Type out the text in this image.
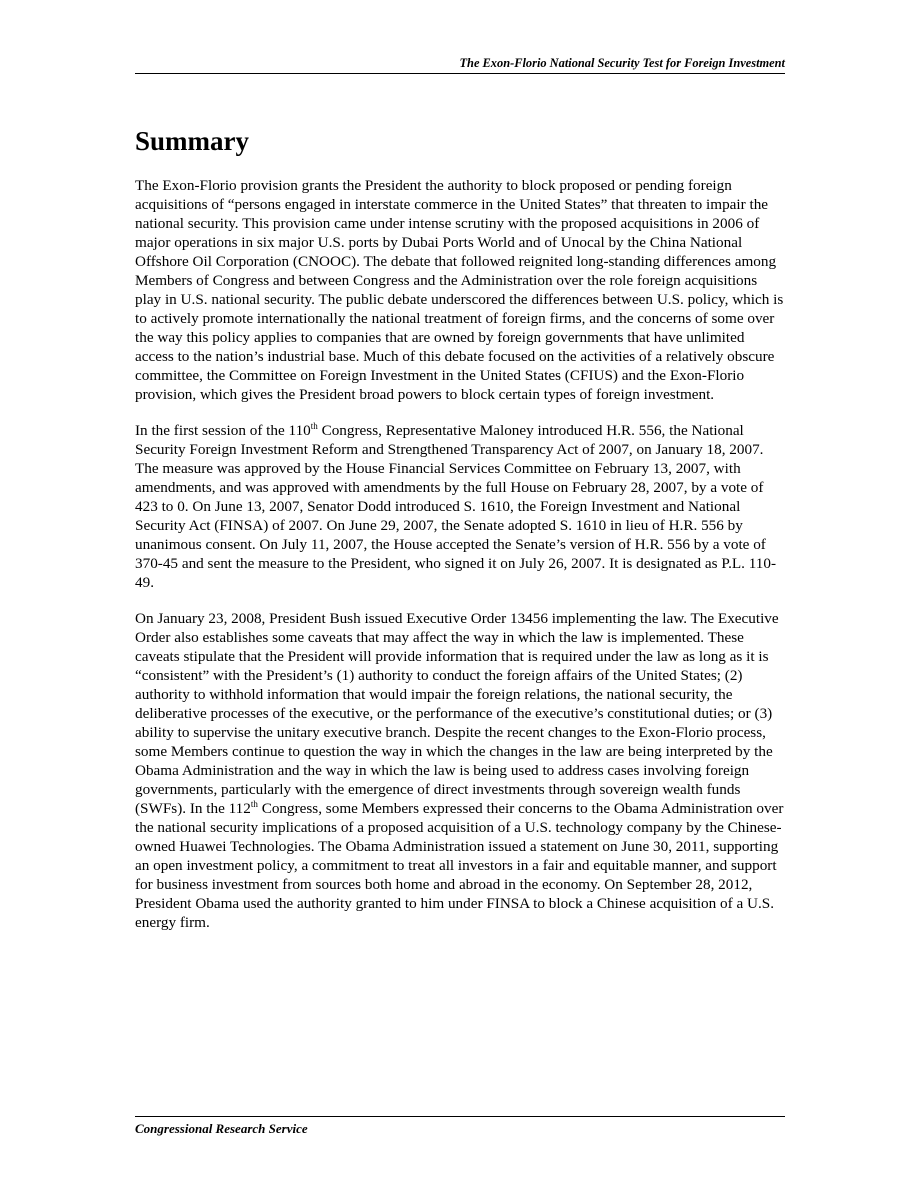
The Exon-Florio National Security Test for Foreign Investment
Summary

The Exon-Florio provision grants the President the authority to block proposed or pending foreign acquisitions of “persons engaged in interstate commerce in the United States” that threaten to impair the national security. This provision came under intense scrutiny with the proposed acquisitions in 2006 of major operations in six major U.S. ports by Dubai Ports World and of Unocal by the China National Offshore Oil Corporation (CNOOC). The debate that followed reignited long-standing differences among Members of Congress and between Congress and the Administration over the role foreign acquisitions play in U.S. national security. The public debate underscored the differences between U.S. policy, which is to actively promote internationally the national treatment of foreign firms, and the concerns of some over the way this policy applies to companies that are owned by foreign governments that have unlimited access to the nation’s industrial base. Much of this debate focused on the activities of a relatively obscure committee, the Committee on Foreign Investment in the United States (CFIUS) and the Exon-Florio provision, which gives the President broad powers to block certain types of foreign investment.

In the first session of the 110th Congress, Representative Maloney introduced H.R. 556, the National Security Foreign Investment Reform and Strengthened Transparency Act of 2007, on January 18, 2007. The measure was approved by the House Financial Services Committee on February 13, 2007, with amendments, and was approved with amendments by the full House on February 28, 2007, by a vote of 423 to 0. On June 13, 2007, Senator Dodd introduced S. 1610, the Foreign Investment and National Security Act (FINSA) of 2007. On June 29, 2007, the Senate adopted S. 1610 in lieu of H.R. 556 by unanimous consent. On July 11, 2007, the House accepted the Senate’s version of H.R. 556 by a vote of 370-45 and sent the measure to the President, who signed it on July 26, 2007. It is designated as P.L. 110-49.

On January 23, 2008, President Bush issued Executive Order 13456 implementing the law. The Executive Order also establishes some caveats that may affect the way in which the law is implemented. These caveats stipulate that the President will provide information that is required under the law as long as it is “consistent” with the President’s (1) authority to conduct the foreign affairs of the United States; (2) authority to withhold information that would impair the foreign relations, the national security, the deliberative processes of the executive, or the performance of the executive’s constitutional duties; or (3) ability to supervise the unitary executive branch. Despite the recent changes to the Exon-Florio process, some Members continue to question the way in which the changes in the law are being interpreted by the Obama Administration and the way in which the law is being used to address cases involving foreign governments, particularly with the emergence of direct investments through sovereign wealth funds (SWFs). In the 112th Congress, some Members expressed their concerns to the Obama Administration over the national security implications of a proposed acquisition of a U.S. technology company by the Chinese-owned Huawei Technologies. The Obama Administration issued a statement on June 30, 2011, supporting an open investment policy, a commitment to treat all investors in a fair and equitable manner, and support for business investment from sources both home and abroad in the economy. On September 28, 2012, President Obama used the authority granted to him under FINSA to block a Chinese acquisition of a U.S. energy firm.

Congressional Research Service
